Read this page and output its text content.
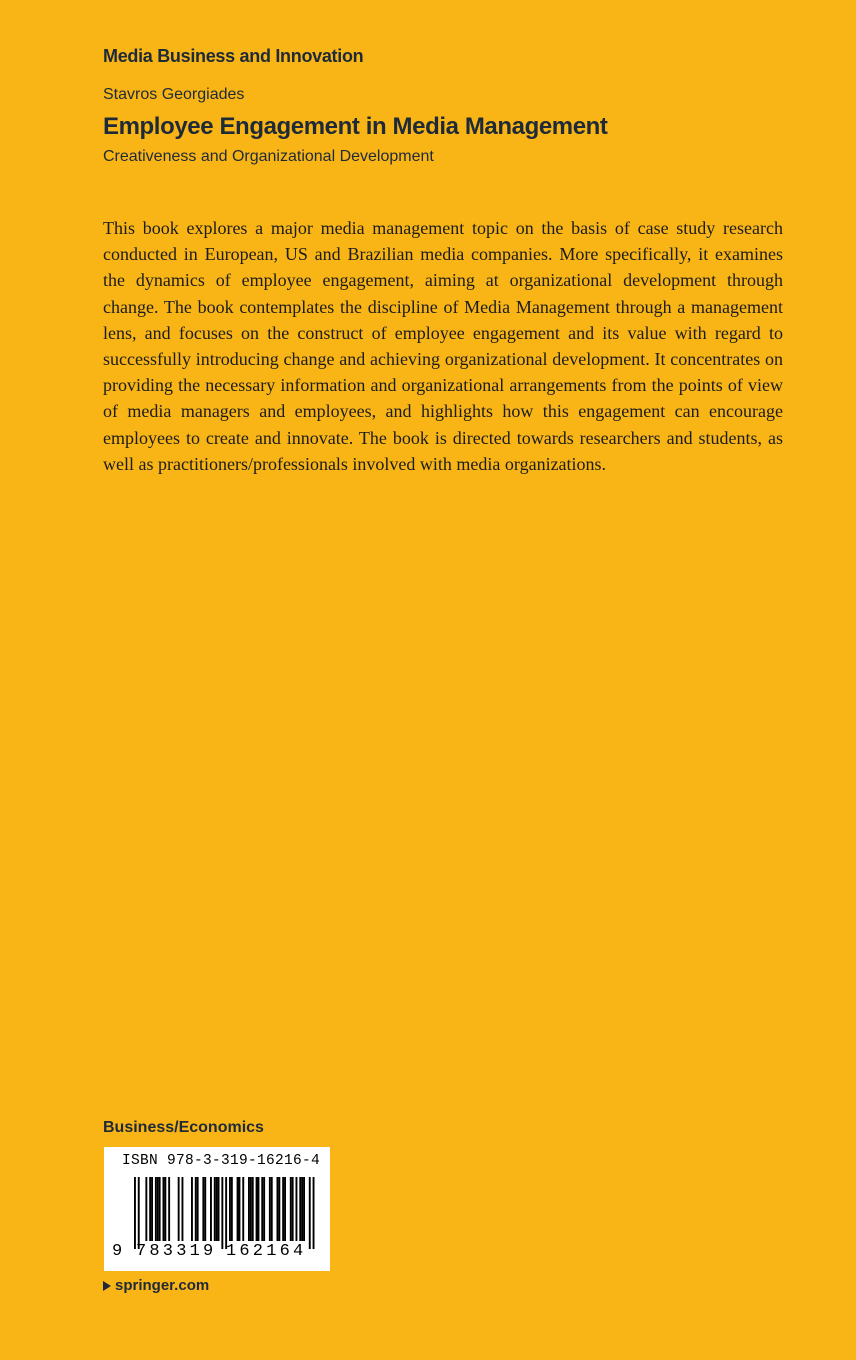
Media Business and Innovation
Stavros Georgiades
Employee Engagement in Media Management
Creativeness and Organizational Development

This book explores a major media management topic on the basis of case study research conducted in European, US and Brazilian media companies. More specifically, it examines the dynamics of employee engagement, aiming at organizational development through change. The book contemplates the discipline of Media Management through a management lens, and focuses on the construct of employee engagement and its value with regard to successfully introducing change and achieving organizational development. It concentrates on providing the necessary information and organizational arrangements from the points of view of media managers and employees, and highlights how this engagement can encourage employees to create and innovate. The book is directed towards researchers and students, as well as practitioners/professionals involved with media organizations.

Business/Economics
ISBN 978-3-319-16216-4
9 783319 162164
springer.com
